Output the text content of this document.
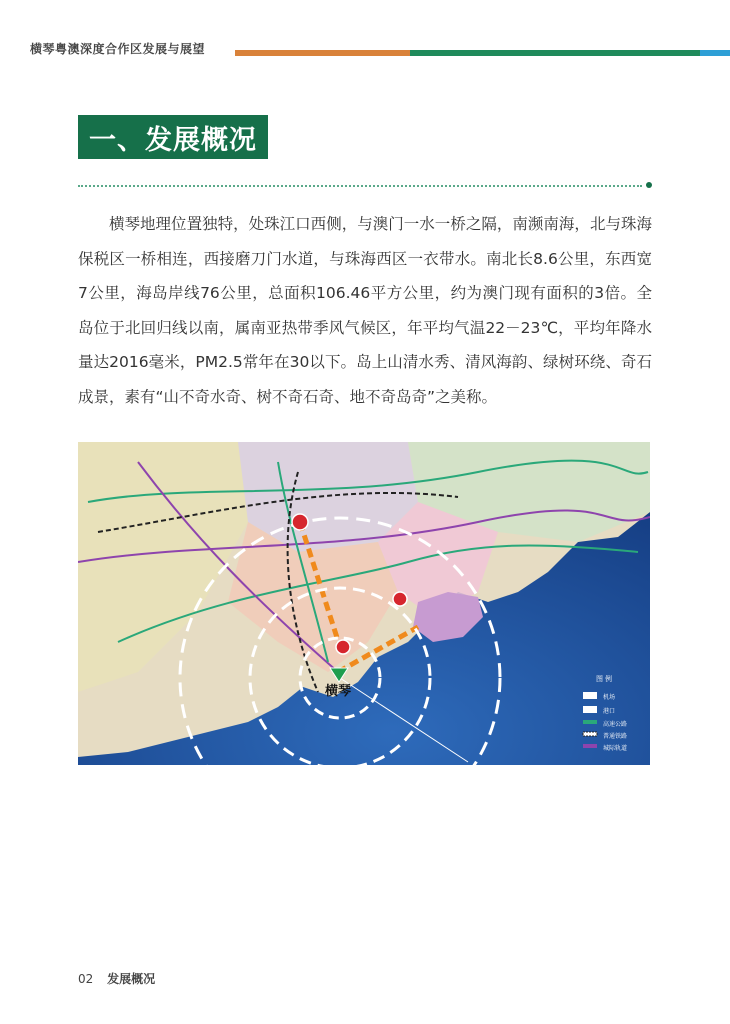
横琴粤澳深度合作区发展与展望
一、发展概况

横琴地理位置独特，处珠江口西侧，与澳门一水一桥之隔，南濒南海，北与珠海保税区一桥相连，西接磨刀门水道，与珠海西区一衣带水。南北长8.6公里，东西宽7公里，海岛岸线76公里，总面积106.46平方公里，约为澳门现有面积的3倍。全岛位于北回归线以南，属南亚热带季风气候区，年平均气温22－23℃，平均年降水量达2016毫米，PM2.5常年在30以下。岛上山清水秀、清风海韵、绿树环绕、奇石成景，素有“山不奇水奇、树不奇石奇、地不奇岛奇”之美称。

横琴
图 例
机场
港口
高速公路
普通铁路
城际轨道
02 发展概况
